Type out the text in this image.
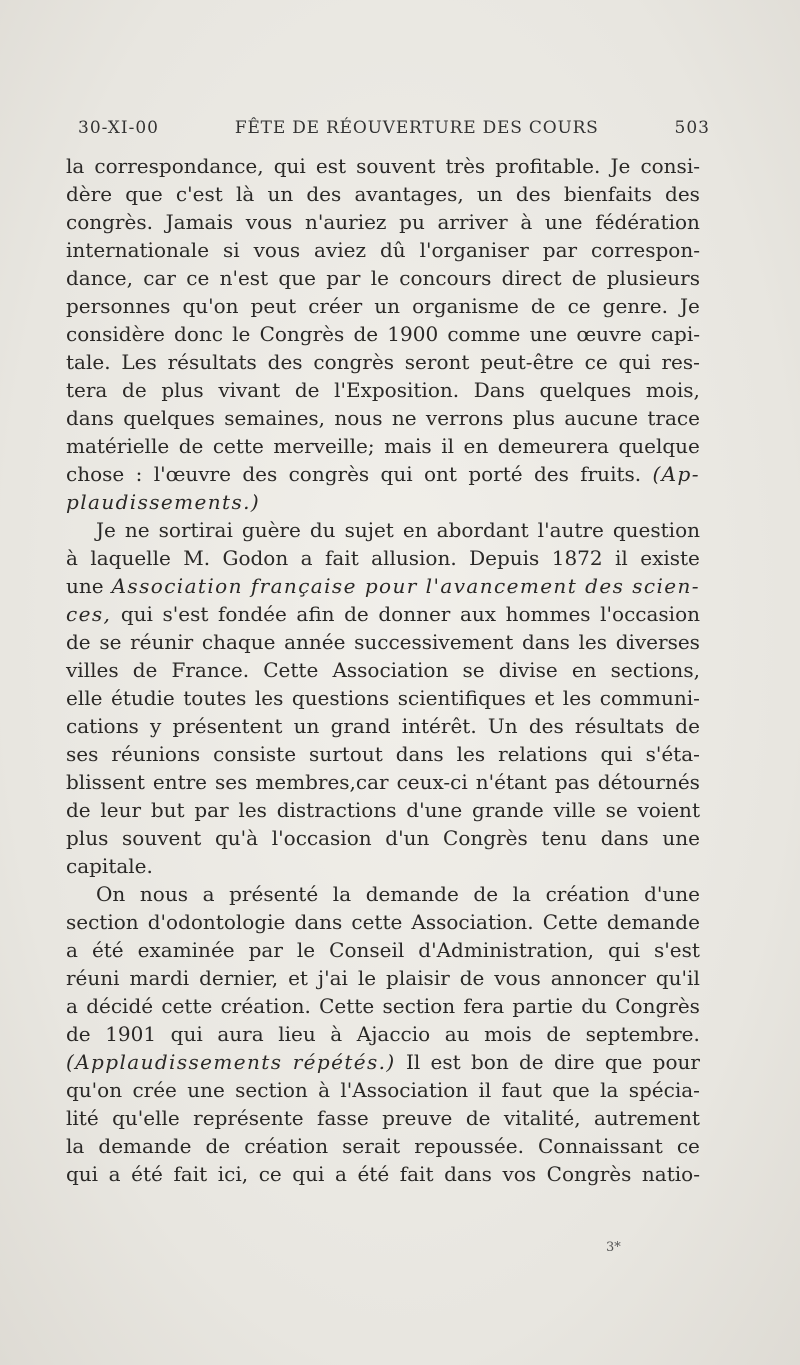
30-XI-00	FÊTE DE RÉOUVERTURE DES COURS	503
la correspondance, qui est souvent très profitable. Je consi-
dère que c'est là un des avantages, un des bienfaits des
congrès. Jamais vous n'auriez pu arriver à une fédération
internationale si vous aviez dû l'organiser par correspon-
dance, car ce n'est que par le concours direct de plusieurs
personnes qu'on peut créer un organisme de ce genre. Je
considère donc le Congrès de 1900 comme une œuvre capi-
tale. Les résultats des congrès seront peut-être ce qui res-
tera de plus vivant de l'Exposition. Dans quelques mois,
dans quelques semaines, nous ne verrons plus aucune trace
matérielle de cette merveille; mais il en demeurera quelque
chose : l'œuvre des congrès qui ont porté des fruits. (Ap-
plaudissements.)
Je ne sortirai guère du sujet en abordant l'autre question
à laquelle M. Godon a fait allusion. Depuis 1872 il existe
une Association française pour l'avancement des scien-
ces, qui s'est fondée afin de donner aux hommes l'occasion
de se réunir chaque année successivement dans les diverses
villes de France. Cette Association se divise en sections,
elle étudie toutes les questions scientifiques et les communi-
cations y présentent un grand intérêt. Un des résultats de
ses réunions consiste surtout dans les relations qui s'éta-
blissent entre ses membres,car ceux-ci n'étant pas détournés
de leur but par les distractions d'une grande ville se voient
plus souvent qu'à l'occasion d'un Congrès tenu dans une
capitale.
On nous a présenté la demande de la création d'une
section d'odontologie dans cette Association. Cette demande
a été examinée par le Conseil d'Administration, qui s'est
réuni mardi dernier, et j'ai le plaisir de vous annoncer qu'il
a décidé cette création. Cette section fera partie du Congrès
de 1901 qui aura lieu à Ajaccio au mois de septembre.
(Applaudissements répétés.) Il est bon de dire que pour
qu'on crée une section à l'Association il faut que la spécia-
lité qu'elle représente fasse preuve de vitalité, autrement
la demande de création serait repoussée. Connaissant ce
qui a été fait ici, ce qui a été fait dans vos Congrès natio-
3*
